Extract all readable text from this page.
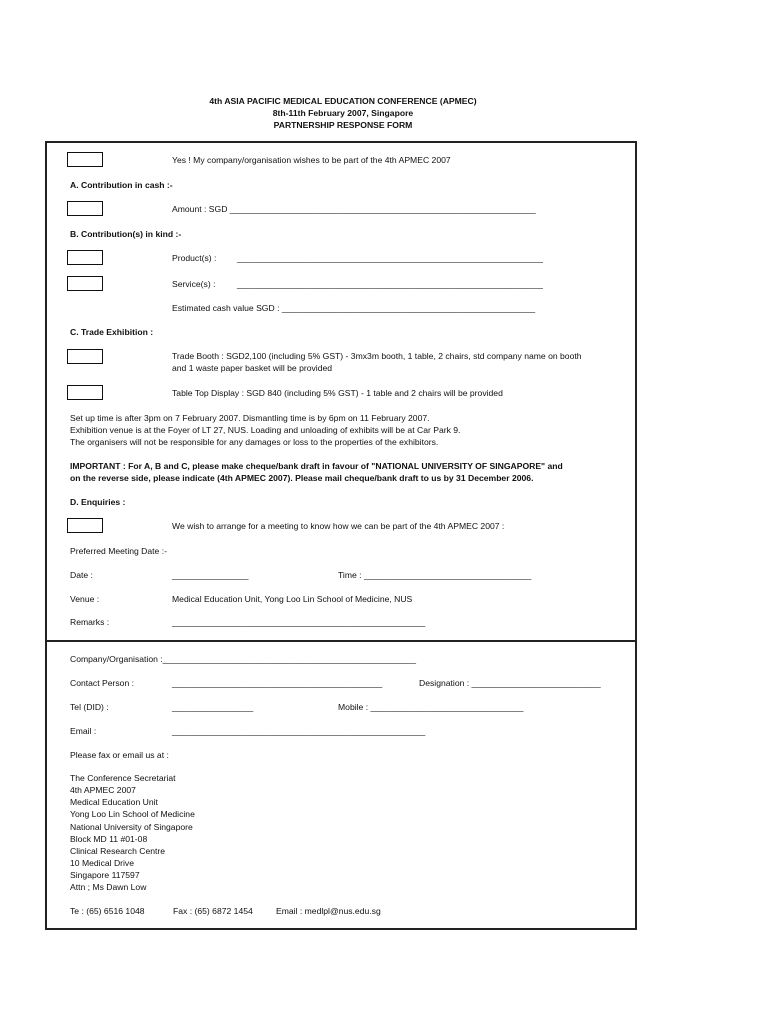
4th ASIA PACIFIC MEDICAL EDUCATION CONFERENCE (APMEC)
8th-11th February 2007, Singapore
PARTNERSHIP RESPONSE FORM
Yes ! My company/organisation wishes to be part of the 4th APMEC 2007
A. Contribution in cash :-
Amount : SGD ________________________________________________________________
B. Contribution(s) in kind :-
Product(s) : ________________________________________________________________
Service(s) :	________________________________________________________________
Estimated cash value SGD : _____________________________________________________
C. Trade Exhibition :
Trade Booth : SGD2,100 (including 5% GST) - 3mx3m booth, 1 table, 2 chairs, std company name on booth
and 1 waste paper basket will be provided
Table Top Display : SGD 840 (including 5% GST) - 1 table and 2 chairs will be provided
Set up time is after 3pm on 7 February 2007. Dismantling time is by 6pm on 11 February 2007.
Exhibition venue is at the Foyer of LT 27, NUS. Loading and unloading of exhibits will be at Car Park 9.
The organisers will not be responsible for any damages or loss to the properties of the exhibitors.
IMPORTANT : For A, B and C, please make cheque/bank draft in favour of "NATIONAL UNIVERSITY OF SINGAPORE" and
on the reverse side, please indicate (4th APMEC 2007). Please mail cheque/bank draft to us by 31 December 2006.
D. Enquiries :
We wish to arrange for a meeting to know how we can be part of the 4th APMEC 2007 :
Preferred Meeting Date :-
Date :	________________	Time : ___________________________________
Venue :	Medical Education Unit, Yong Loo Lin School of Medicine, NUS
Remarks :	_____________________________________________________
Company/Organisation :_____________________________________________________
Contact Person :	____________________________________________	Designation : ___________________________
Tel (DID) :	_________________	Mobile : ________________________________
Email :	_____________________________________________________
Please fax or email us at :
The Conference Secretariat
4th APMEC 2007
Medical Education Unit
Yong Loo Lin School of Medicine
National University of Singapore
Block MD 11 #01-08
Clinical Research Centre
10 Medical Drive
Singapore 117597
Attn ; Ms Dawn Low
Te : (65) 6516 1048	Fax : (65) 6872 1454	Email : medlpl@nus.edu.sg
